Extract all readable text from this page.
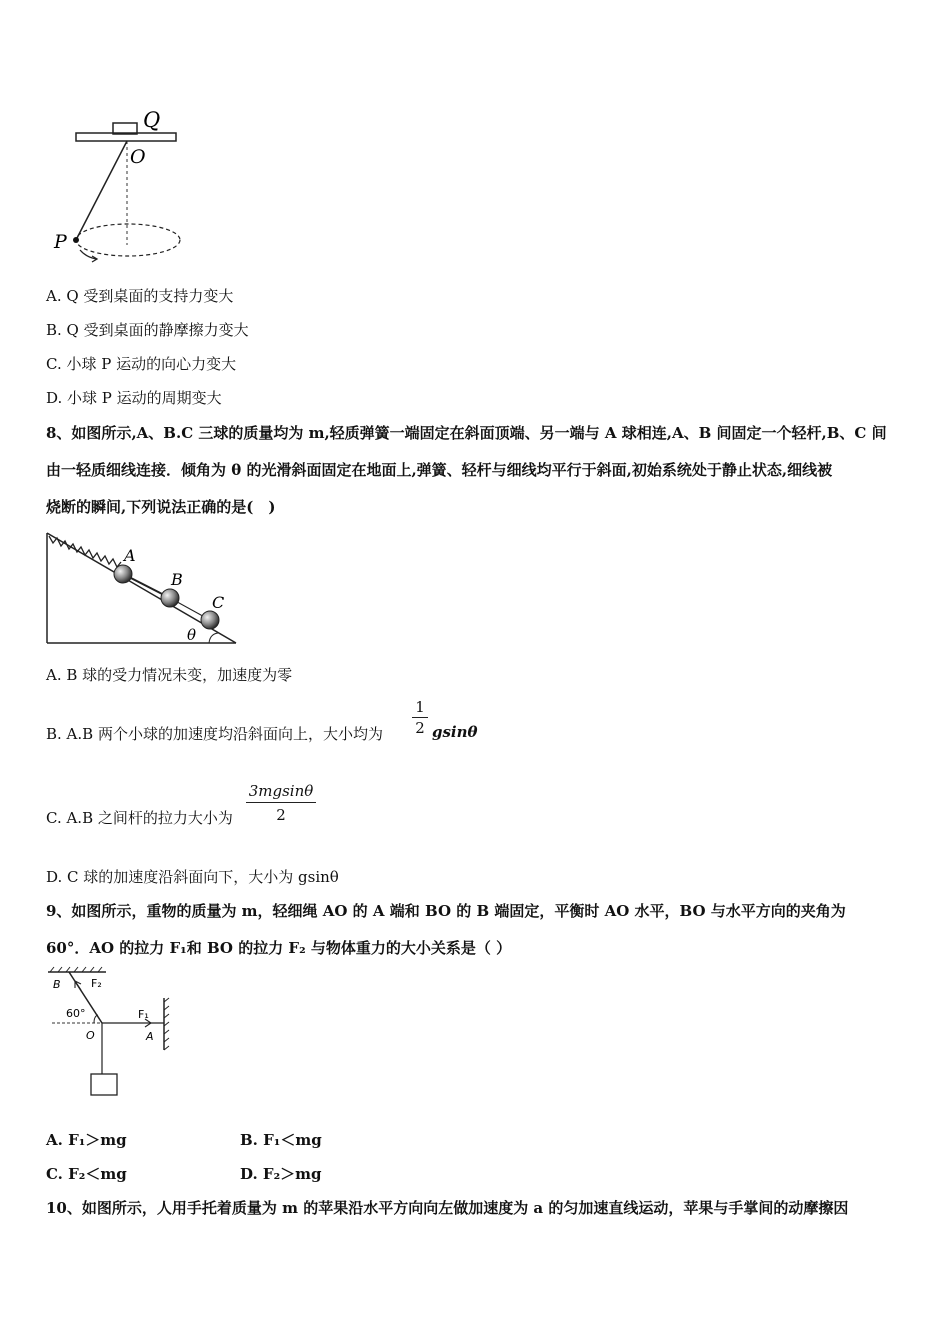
Q
O
P
A. Q 受到桌面的支持力变大
B. Q 受到桌面的静摩擦力变大
C. 小球 P 运动的向心力变大
D. 小球 P 运动的周期变大
8、如图所示,A、B.C 三球的质量均为 m,轻质弹簧一端固定在斜面顶端、另一端与 A 球相连,A、B 间固定一个轻杆,B、C 间
由一轻质细线连接．倾角为 θ 的光滑斜面固定在地面上,弹簧、轻杆与细线均平行于斜面,初始系统处于静止状态,细线被
烧断的瞬间,下列说法正确的是(　)
A
B
C
θ
A. B 球的受力情况未变，加速度为零
B. A.B 两个小球的加速度均沿斜面向上，大小均为 $\frac{1}{2}$ gsinθ
C. A.B 之间杆的拉力大小为 $\frac{3mgsin\theta}{2}$
D. C 球的加速度沿斜面向下，大小为 gsinθ
9、如图所示，重物的质量为 m，轻细绳 AO 的 A 端和 BO 的 B 端固定，平衡时 AO 水平，BO 与水平方向的夹角为
60°．AO 的拉力 F₁和 BO 的拉力 F₂ 与物体重力的大小关系是（ ）
B	F₂
60°
O
F₁
A
A. F₁＞mg	B. F₁＜mg
C. F₂＜mg	D. F₂＞mg
10、如图所示，人用手托着质量为 m 的苹果沿水平方向向左做加速度为 a 的匀加速直线运动，苹果与手掌间的动摩擦因
